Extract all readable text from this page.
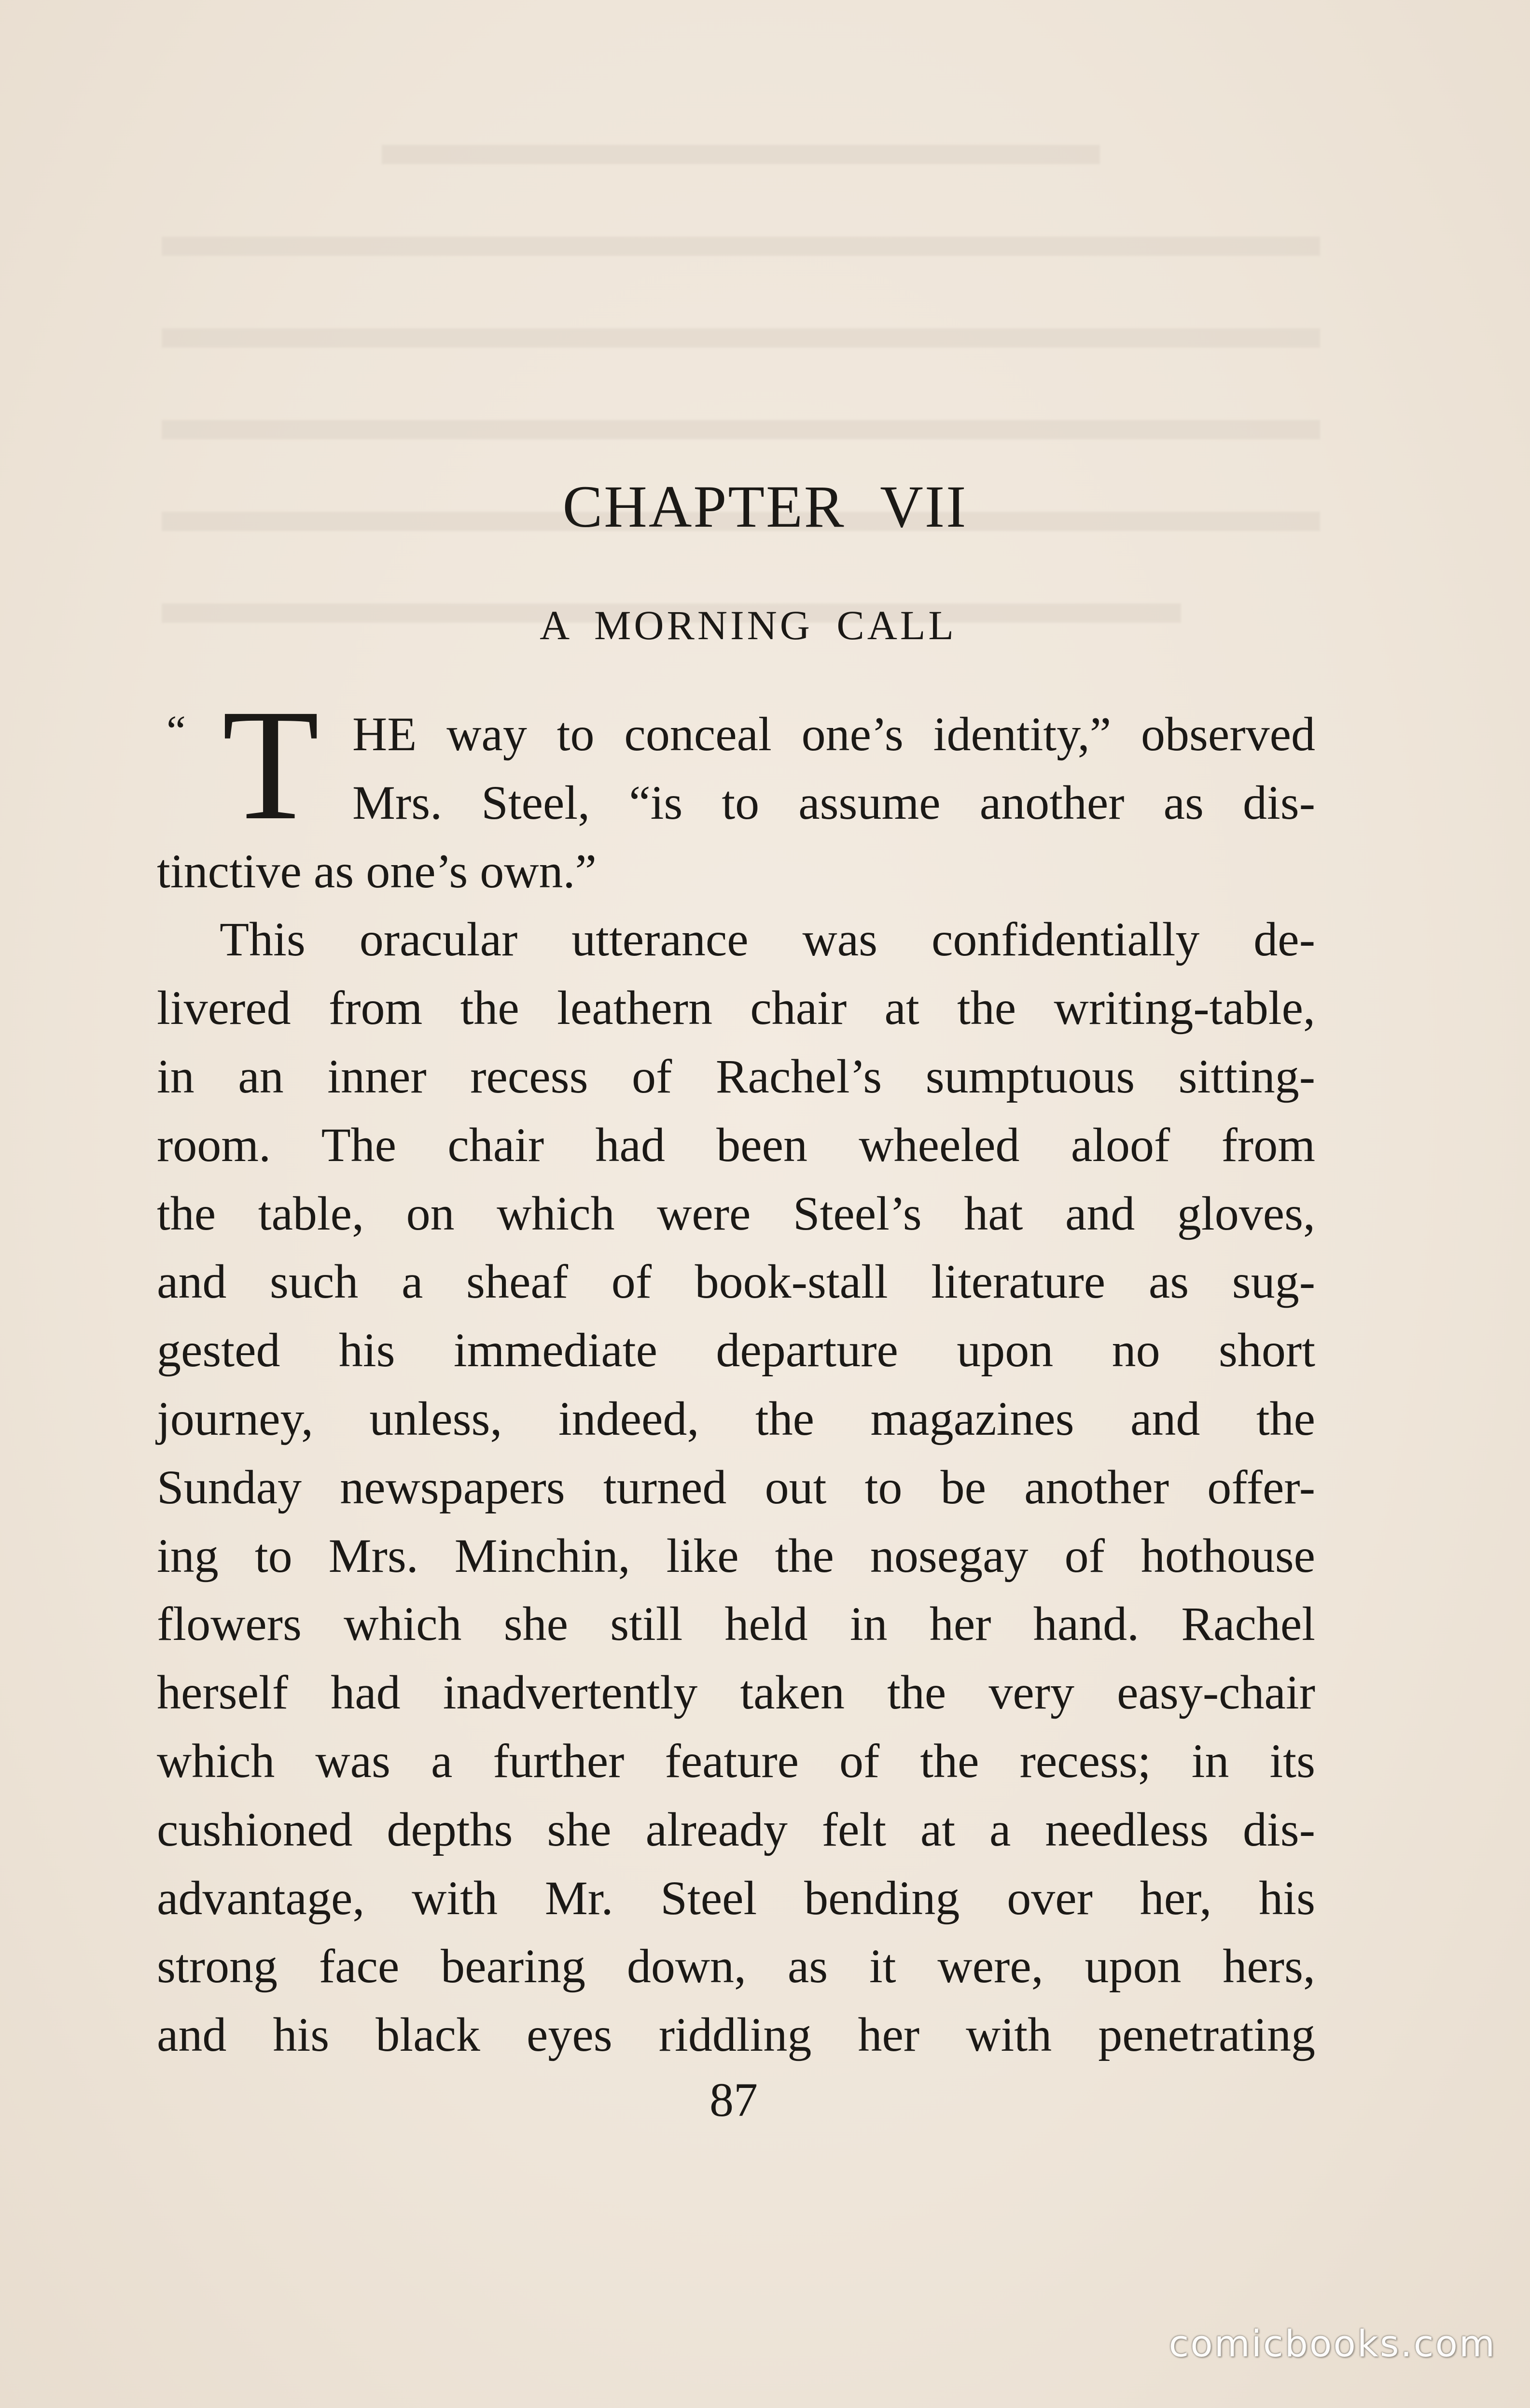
CHAPTER VII
A MORNING CALL
“ T HE way to conceal one’s identity,” observed
Mrs. Steel, “is to assume another as dis-
tinctive as one’s own.”
This oracular utterance was confidentially de-
livered from the leathern chair at the writing-table,
in an inner recess of Rachel’s sumptuous sitting-
room. The chair had been wheeled aloof from
the table, on which were Steel’s hat and gloves,
and such a sheaf of book-stall literature as sug-
gested his immediate departure upon no short
journey, unless, indeed, the magazines and the
Sunday newspapers turned out to be another offer-
ing to Mrs. Minchin, like the nosegay of hothouse
flowers which she still held in her hand. Rachel
herself had inadvertently taken the very easy-chair
which was a further feature of the recess; in its
cushioned depths she already felt at a needless dis-
advantage, with Mr. Steel bending over her, his
strong face bearing down, as it were, upon hers,
and his black eyes riddling her with penetrating
87
comicbooks.com
